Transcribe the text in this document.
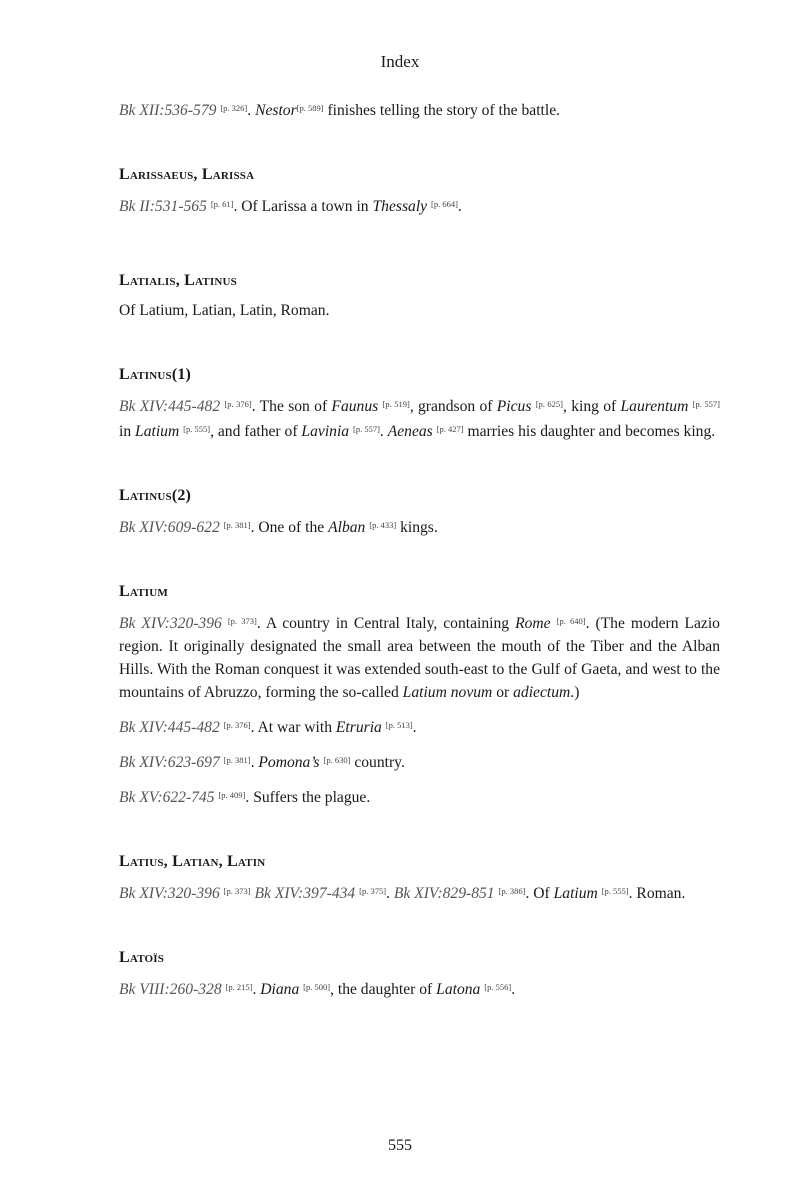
Index

Bk XII:536-579 [p. 326]. Nestor[p. 589] finishes telling the story of the battle.

Larissaeus, Larissa

Bk II:531-565 [p. 61]. Of Larissa a town in Thessaly [p. 664].

Latialis, Latinus

Of Latium, Latian, Latin, Roman.

Latinus(1)

Bk XIV:445-482 [p. 376]. The son of Faunus [p. 519], grandson of Picus [p. 625], king of Laurentum [p. 557] in Latium [p. 555], and father of Lavinia [p. 557]. Aeneas [p. 427] marries his daughter and becomes king.

Latinus(2)

Bk XIV:609-622 [p. 381]. One of the Alban [p. 433] kings.

Latium

Bk XIV:320-396 [p. 373]. A country in Central Italy, containing Rome [p. 640]. (The modern Lazio region. It originally designated the small area between the mouth of the Tiber and the Alban Hills. With the Roman conquest it was extended south-east to the Gulf of Gaeta, and west to the mountains of Abruzzo, forming the so-called Latium novum or adiectum.)

Bk XIV:445-482 [p. 376]. At war with Etruria [p. 513].

Bk XIV:623-697 [p. 381]. Pomona’s [p. 630] country.

Bk XV:622-745 [p. 409]. Suffers the plague.

Latius, Latian, Latin

Bk XIV:320-396 [p. 373] Bk XIV:397-434 [p. 375]. Bk XIV:829-851 [p. 386]. Of Latium [p. 555]. Roman.

Latoïs

Bk VIII:260-328 [p. 215]. Diana [p. 500], the daughter of Latona [p. 556].

555
